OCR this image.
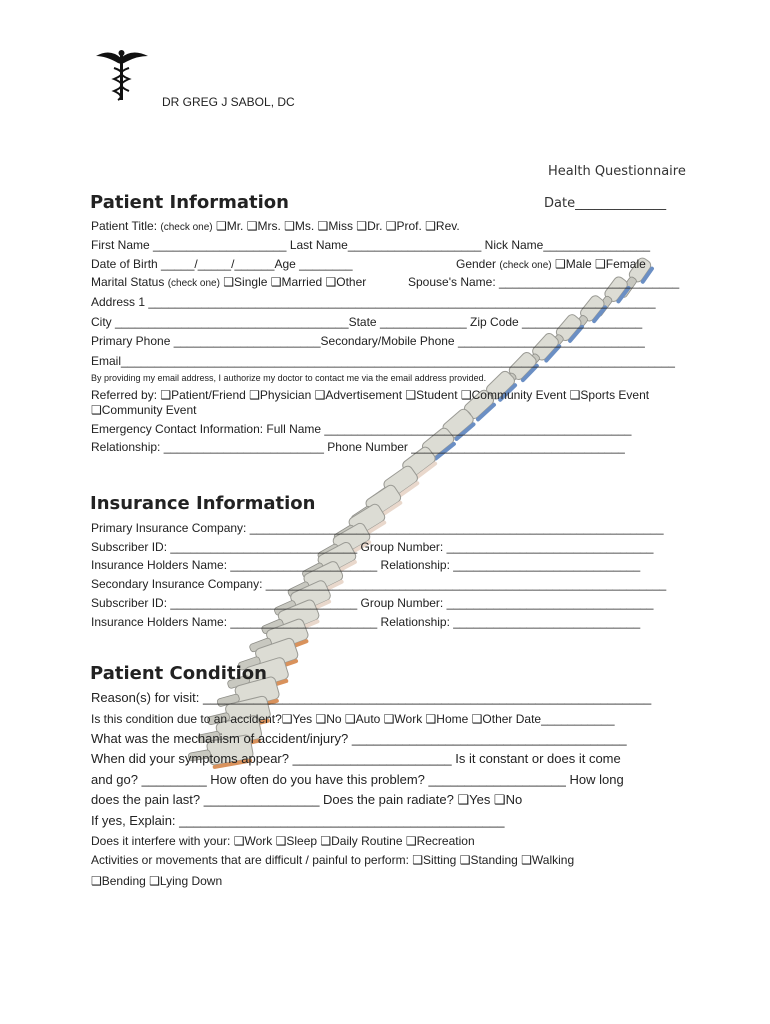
DR GREG J SABOL, DC
Health Questionnaire
Patient Information	Date______________
Patient Title: (check one) ❑Mr. ❑Mrs. ❑Ms. ❑Miss ❑Dr. ❑Prof. ❑Rev.
First Name ____________________ Last Name____________________ Nick Name________________
Date of Birth _____/_____/______Age ________	Gender (check one) ❑Male ❑Female
Marital Status (check one) ❑Single ❑Married ❑Other	Spouse's Name: ___________________________
Address 1 ____________________________________________________________________________
City ___________________________________State _____________ Zip Code __________________
Primary Phone ______________________Secondary/Mobile Phone ____________________________
Email___________________________________________________________________________________
By providing my email address, I authorize my doctor to contact me via the email address provided.
Referred by: ❑Patient/Friend ❑Physician ❑Advertisement ❑Student ❑Community Event ❑Sports Event
❑Community Event
Emergency Contact Information: Full Name ______________________________________________
Relationship: ________________________ Phone Number ________________________________
Insurance Information
Primary Insurance Company: ______________________________________________________________
Subscriber ID: ____________________________ Group Number: _______________________________
Insurance Holders Name: ______________________ Relationship: ____________________________
Secondary Insurance Company: ____________________________________________________________
Subscriber ID: ____________________________ Group Number: _______________________________
Insurance Holders Name: ______________________ Relationship: ____________________________
Patient Condition
Reason(s) for visit: ______________________________________________________________
Is this condition due to an accident?❑Yes ❑No ❑Auto ❑Work ❑Home ❑Other Date___________
What was the mechanism of accident/injury? ______________________________________
When did your symptoms appear? ______________________ Is it constant or does it come
and go? _________ How often do you have this problem? ___________________ How long
does the pain last? ________________ Does the pain radiate? ❑Yes ❑No
If yes, Explain: _____________________________________________
Does it interfere with your: ❑Work ❑Sleep ❑Daily Routine ❑Recreation
Activities or movements that are difficult / painful to perform: ❑Sitting ❑Standing ❑Walking
❑Bending ❑Lying Down
